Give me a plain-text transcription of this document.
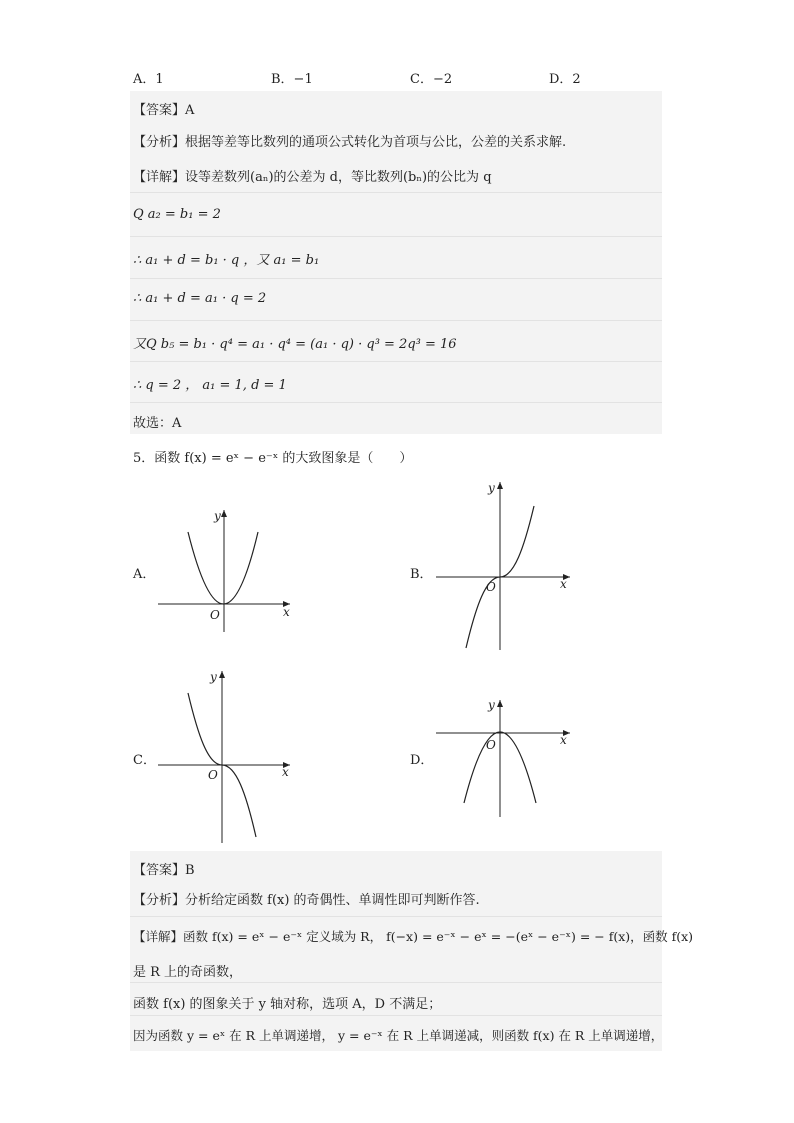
A．1	B．−1	C．−2	D．2
【答案】A
【分析】根据等差等比数列的通项公式转化为首项与公比，公差的关系求解.
【详解】设等差数列(aₙ)的公差为 d，等比数列(bₙ)的公比为 q
Q a₂ = b₁ = 2
∴ a₁ + d = b₁ · q ，又 a₁ = b₁
∴ a₁ + d = a₁ · q = 2
又Q b₅ = b₁ · q⁴ = a₁ · q⁴ = (a₁ · q) · q³ = 2q³ = 16
∴ q = 2 ， a₁ = 1, d = 1
故选：A
5．函数 f(x) = eˣ − e⁻ˣ 的大致图象是（　　）
A．	B．
C．	D．
y
x
O
y
x
O
y
x
O
y
x
O
【答案】B
【分析】分析给定函数 f(x) 的奇偶性、单调性即可判断作答.
【详解】函数 f(x) = eˣ − e⁻ˣ 定义域为 R， f(−x) = e⁻ˣ − eˣ = −(eˣ − e⁻ˣ) = − f(x)，函数 f(x)
是 R 上的奇函数，
函数 f(x) 的图象关于 y 轴对称，选项 A，D 不满足；
因为函数 y = eˣ 在 R 上单调递增， y = e⁻ˣ 在 R 上单调递减，则函数 f(x) 在 R 上单调递增，
